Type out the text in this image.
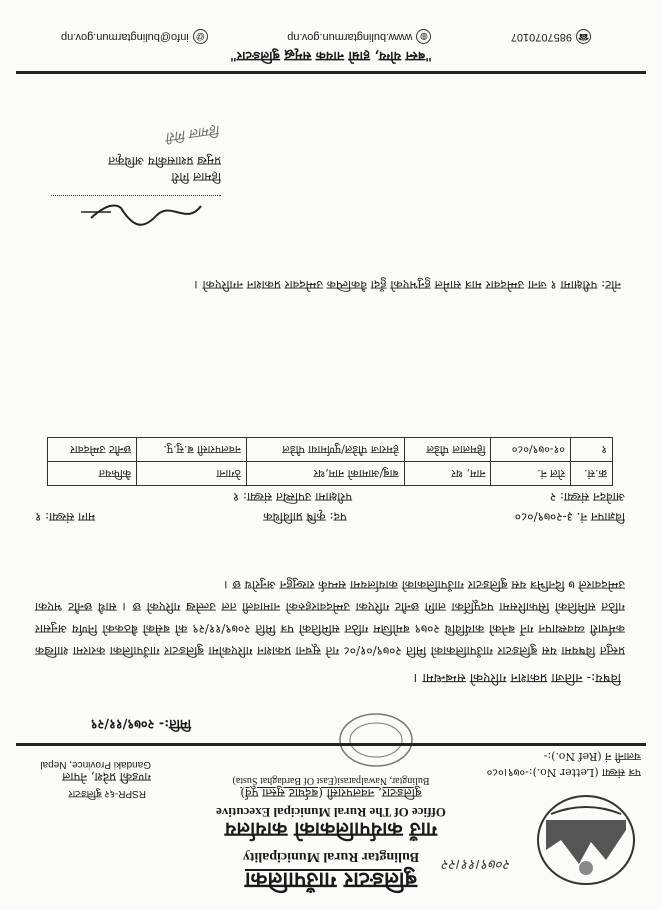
२०७९।११।२२
बुलिङटार गाउँपालिका
Bulingtar Rural Municipality
गाउँ कार्यपालिकाको कार्यालय
Office Of The Rural Municipal Executive
बुलिङटार, नवलपरासी (बर्दघाट सुस्ता पूर्व)
Bulingtar, Nawalparasi(East Of Bardaghat Susta)
RSPR-६२ बुलिङटार
गण्डकी प्रदेश, नेपाल
Gandaki Province, Nepal
पत्र संख्या (Letter No.):-०७९।०८०
चलानी नं (Ref No.):-
मिति:- २०७९/११/२९
विषय:- नतिजा प्रकाशन गरिएको सम्बन्धमा ।
प्रस्तुत विषयमा यस बुलिङटार गाउँपालिकाको मिति २०७९/०१/०८ गते सूचना प्रकाशन गरिएकोमा बुलिङटार गाउँपालिका करारमा शाखिक कर्मचारी व्यवस्थापन गर्ने बनेको कार्यविधि २०७९ बमोजिम गठित समितिको पत्र मिति २०७९/११/२९ को बसेको बैठकको निर्णय अनुसार गठित समितिको सिफारिसमा पदपूर्तिका लागि छनौट गरिएका उम्मेदवारहरुको नामावली तल उल्लेख गरिएको छ । साथै छनौट भएका उम्मेदवारले ७ दिनभित्र यस बुलिङटार गाउँपालिकाको कार्यालयमा सम्पर्क राख्नुहुन अनुरोध छ ।
विज्ञापन नं. ३-२०७९/०८०
पद: कृषि प्राविधिक
माग संख्या: १
आवेदन संख्या: २
परीक्षामा उपस्थित संख्या: १
क्र.सं.	रोल नं.	नाम, थर	बाबु/आमाको नाम,थर	ठेगाना	कैफियत
१	०१-०७९/०८०	हिमलाल पौडेल	हेमराज पौडेल/पुर्णमाया पौडेल	नवलपरासी ब.सु.पु.	छनौट उम्मेदवार
नोट: परीक्षामा १ जना उम्मेदवार मात्र सामेल हुनुभएको हुँदा वैकल्पिक उम्मेदवार प्रकाशन नगरिएको ।
हिमाल गिरी
प्रमुख प्रशासकीय अधिकृत
हिमाल गिरी
"बस्न योग्य, हाम्रो नायक समृद्ध बुलिङटार"
☎9857070107
◍www.bulingtarmun.gov.np
@info@bulingtarmun.gov.np
